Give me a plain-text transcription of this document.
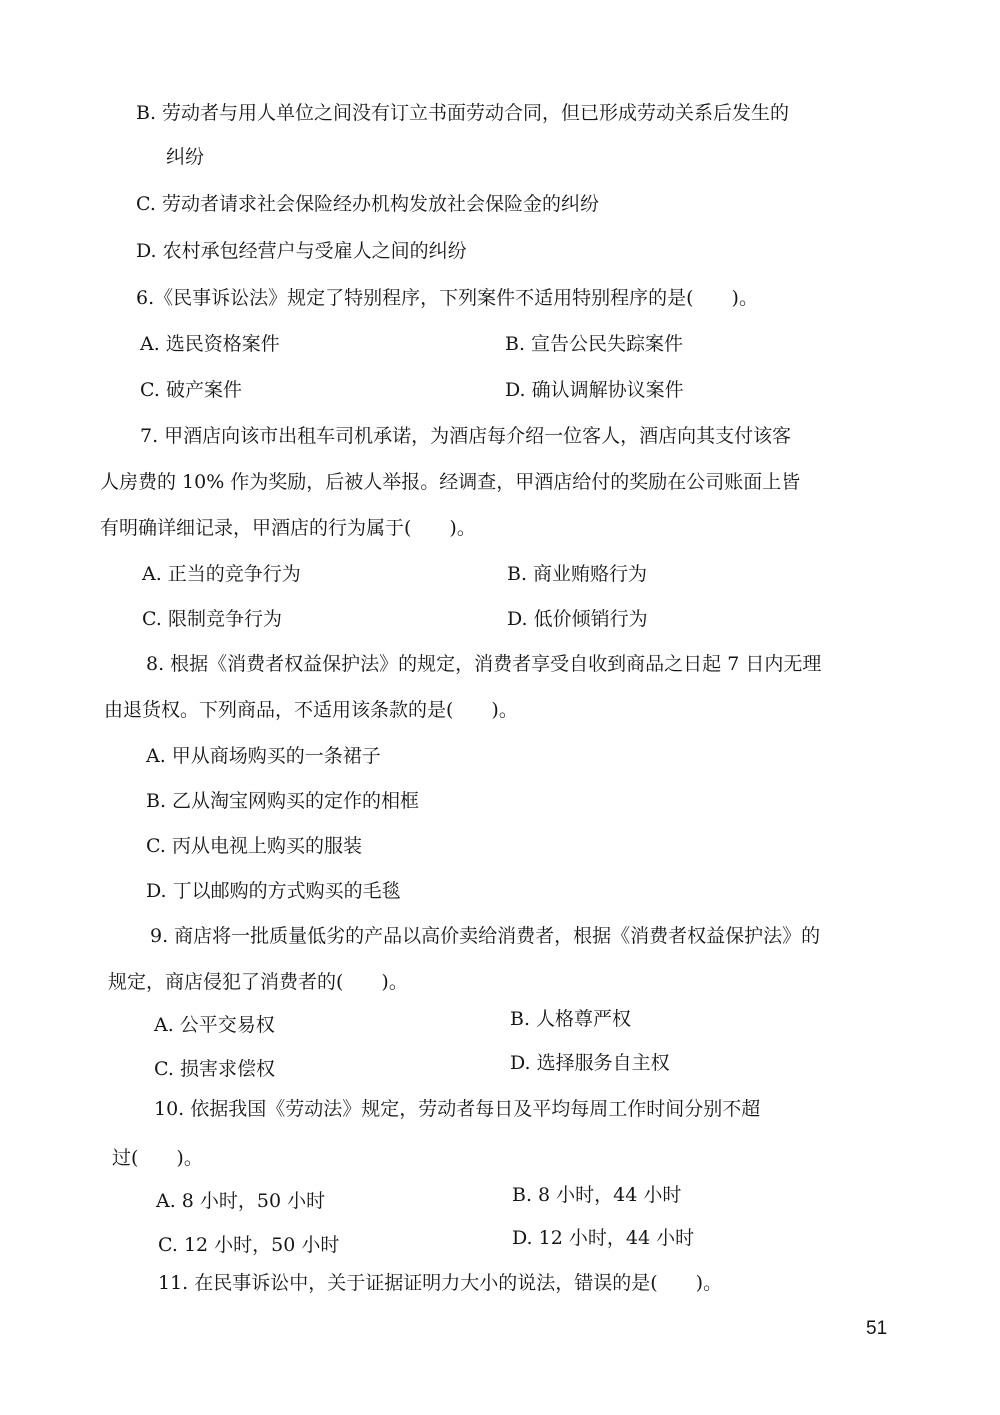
B. 劳动者与用人单位之间没有订立书面劳动合同，但已形成劳动关系后发生的
纠纷
C. 劳动者请求社会保险经办机构发放社会保险金的纠纷
D. 农村承包经营户与受雇人之间的纠纷
6.《民事诉讼法》规定了特别程序，下列案件不适用特别程序的是(　　)。
A. 选民资格案件	B. 宣告公民失踪案件
C. 破产案件	D. 确认调解协议案件
7. 甲酒店向该市出租车司机承诺，为酒店每介绍一位客人，酒店向其支付该客
人房费的 10% 作为奖励，后被人举报。经调查，甲酒店给付的奖励在公司账面上皆
有明确详细记录，甲酒店的行为属于(　　)。
A. 正当的竞争行为	B. 商业贿赂行为
C. 限制竞争行为	D. 低价倾销行为
8. 根据《消费者权益保护法》的规定，消费者享受自收到商品之日起 7 日内无理
由退货权。下列商品，不适用该条款的是(　　)。
A. 甲从商场购买的一条裙子
B. 乙从淘宝网购买的定作的相框
C. 丙从电视上购买的服装
D. 丁以邮购的方式购买的毛毯
9. 商店将一批质量低劣的产品以高价卖给消费者，根据《消费者权益保护法》的
规定，商店侵犯了消费者的(　　)。
A. 公平交易权	B. 人格尊严权
C. 损害求偿权	D. 选择服务自主权
10. 依据我国《劳动法》规定，劳动者每日及平均每周工作时间分别不超
过(　　)。
A. 8 小时，50 小时	B. 8 小时，44 小时
C. 12 小时，50 小时	D. 12 小时，44 小时
11. 在民事诉讼中，关于证据证明力大小的说法，错误的是(　　)。
51
